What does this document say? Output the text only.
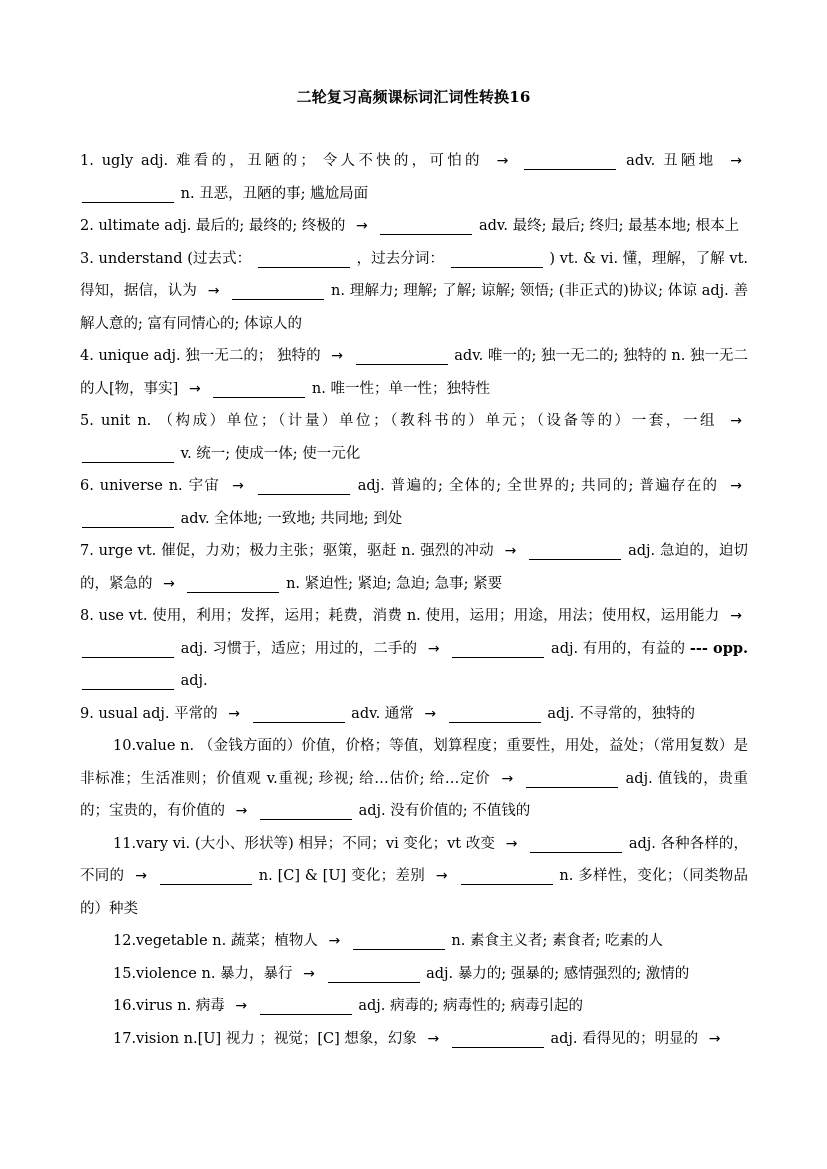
二轮复习高频课标词汇词性转换16

1. ugly adj. 难看的，丑陋的； 令人不快的，可怕的 →	adv. 丑陋地 →  n. 丑恶，丑陋的事; 尴尬局面

2. ultimate adj. 最后的; 最终的; 终极的 →	adv. 最终; 最后; 终归; 最基本地; 根本上

3. understand (过去式：	，过去分词：	) vt. & vi. 懂，理解，了解 vt. 得知，据信，认为 →	n. 理解力; 理解; 了解; 谅解; 领悟; (非正式的)协议; 体谅 adj. 善解人意的; 富有同情心的; 体谅人的

4. unique adj. 独一无二的； 独特的 →	adv. 唯一的; 独一无二的; 独特的 n. 独一无二的人[物，事实] →	n. 唯一性；单一性；独特性

5. unit n. （构成）单位；（计量）单位；（教科书的）单元；（设备等的）一套，一组 →  v. 统一; 使成一体; 使一元化

6. universe n. 宇宙 →	adj. 普遍的; 全体的; 全世界的; 共同的; 普遍存在的 →  adv. 全体地; 一致地; 共同地; 到处

7. urge vt. 催促，力劝；极力主张；驱策，驱赶 n. 强烈的冲动 →	adj. 急迫的，迫切的，紧急的 →	n. 紧迫性; 紧迫; 急迫; 急事; 紧要

8. use vt. 使用，利用；发挥，运用；耗费，消费 n. 使用，运用；用途，用法；使用权，运用能力 →  adj. 习惯于，适应；用过的，二手的 →	adj. 有用的，有益的 --- opp.  adj.

9. usual adj. 平常的 →	adv. 通常 →	adj. 不寻常的，独特的

10.value n. （金钱方面的）价值，价格；等值，划算程度；重要性，用处，益处；（常用复数）是非标准；生活准则；价值观 v.重视; 珍视; 给…估价; 给…定价 →	adj. 值钱的，贵重的；宝贵的，有价值的 →	adj. 没有价值的; 不值钱的

11.vary vi. (大小、形状等) 相异；不同；vi 变化；vt 改变 →	adj. 各种各样的，不同的 →	n. [C] & [U] 变化；差别 →	n. 多样性，变化；（同类物品的）种类

12.vegetable n. 蔬菜；植物人 →	n. 素食主义者; 素食者; 吃素的人

15.violence n. 暴力，暴行 →	adj. 暴力的; 强暴的; 感情强烈的; 激情的

16.virus n. 病毒 →	adj. 病毒的; 病毒性的; 病毒引起的

17.vision n.[U] 视力 ；视觉；[C] 想象，幻象 →	adj. 看得见的；明显的 →
